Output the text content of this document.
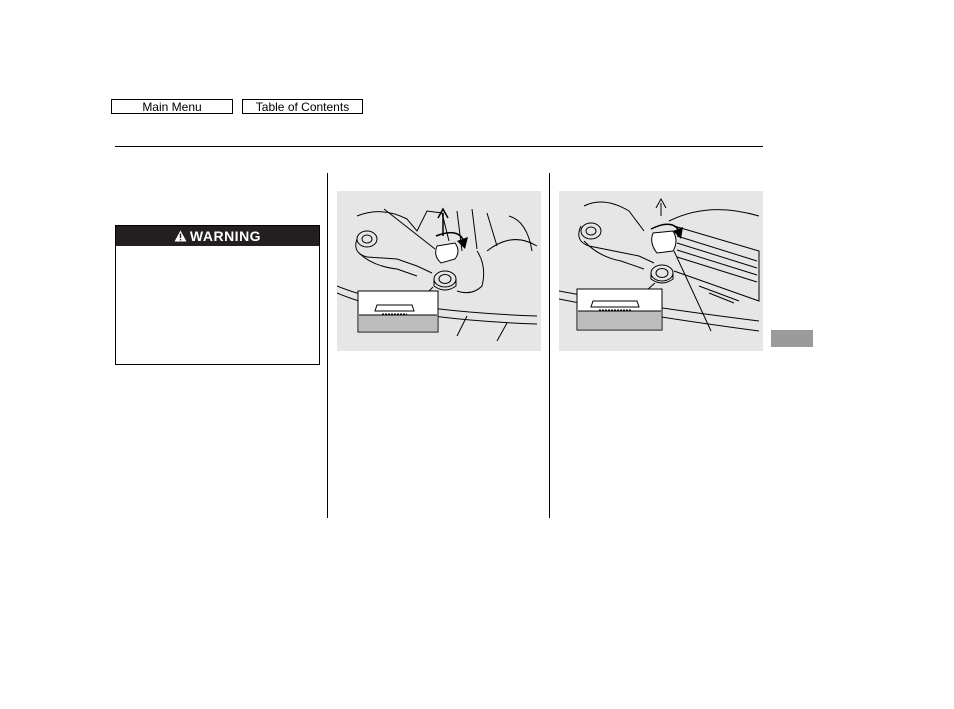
Main Menu	Table of Contents
WARNING
